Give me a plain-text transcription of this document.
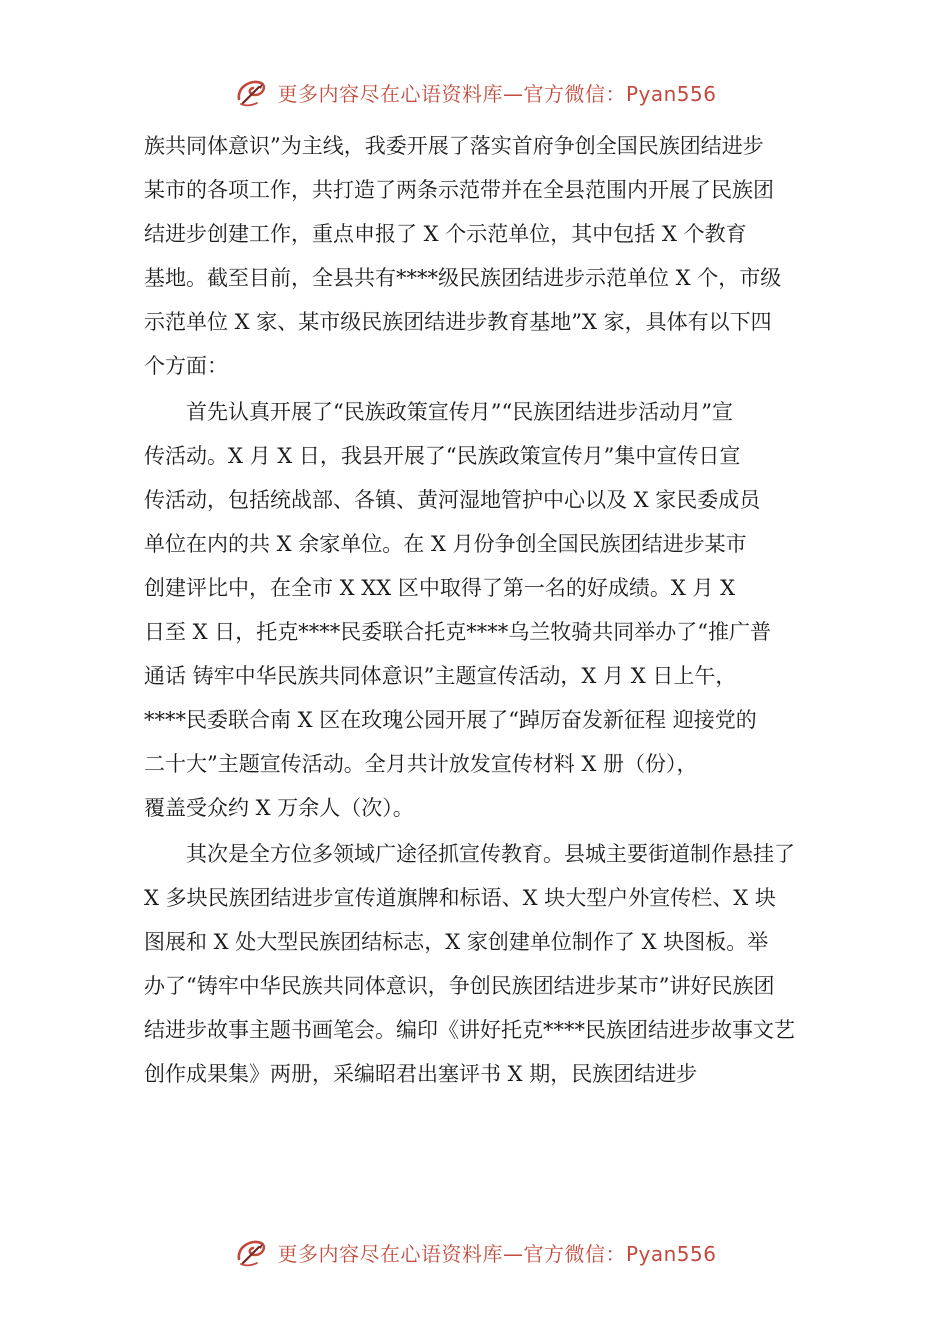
更多内容尽在心语资料库—官方微信：Pyan556
族共同体意识”为主线，我委开展了落实首府争创全国民族团结进步
某市的各项工作，共打造了两条示范带并在全县范围内开展了民族团
结进步创建工作，重点申报了 X 个示范单位，其中包括 X 个教育
基地。截至目前，全县共有****级民族团结进步示范单位 X 个，市级
示范单位 X 家、某市级民族团结进步教育基地”X 家，具体有以下四
个方面：
　　首先认真开展了“民族政策宣传月”“民族团结进步活动月”宣
传活动。X 月 X 日，我县开展了“民族政策宣传月”集中宣传日宣
传活动，包括统战部、各镇、黄河湿地管护中心以及 X 家民委成员
单位在内的共 X 余家单位。在 X 月份争创全国民族团结进步某市
创建评比中，在全市 X XX 区中取得了第一名的好成绩。X 月 X
日至 X 日，托克****民委联合托克****乌兰牧骑共同举办了“推广普
通话 铸牢中华民族共同体意识”主题宣传活动，X 月 X 日上午，
****民委联合南 X 区在玫瑰公园开展了“踔厉奋发新征程 迎接党的
二十大”主题宣传活动。全月共计放发宣传材料 X 册（份），
覆盖受众约 X 万余人（次）。
　　其次是全方位多领域广途径抓宣传教育。县城主要街道制作悬挂了
X 多块民族团结进步宣传道旗牌和标语、X 块大型户外宣传栏、X 块
图展和 X 处大型民族团结标志，X 家创建单位制作了 X 块图板。举
办了“铸牢中华民族共同体意识，争创民族团结进步某市”讲好民族团
结进步故事主题书画笔会。编印《讲好托克****民族团结进步故事文艺
创作成果集》两册，采编昭君出塞评书 X 期，民族团结进步
更多内容尽在心语资料库—官方微信：Pyan556
